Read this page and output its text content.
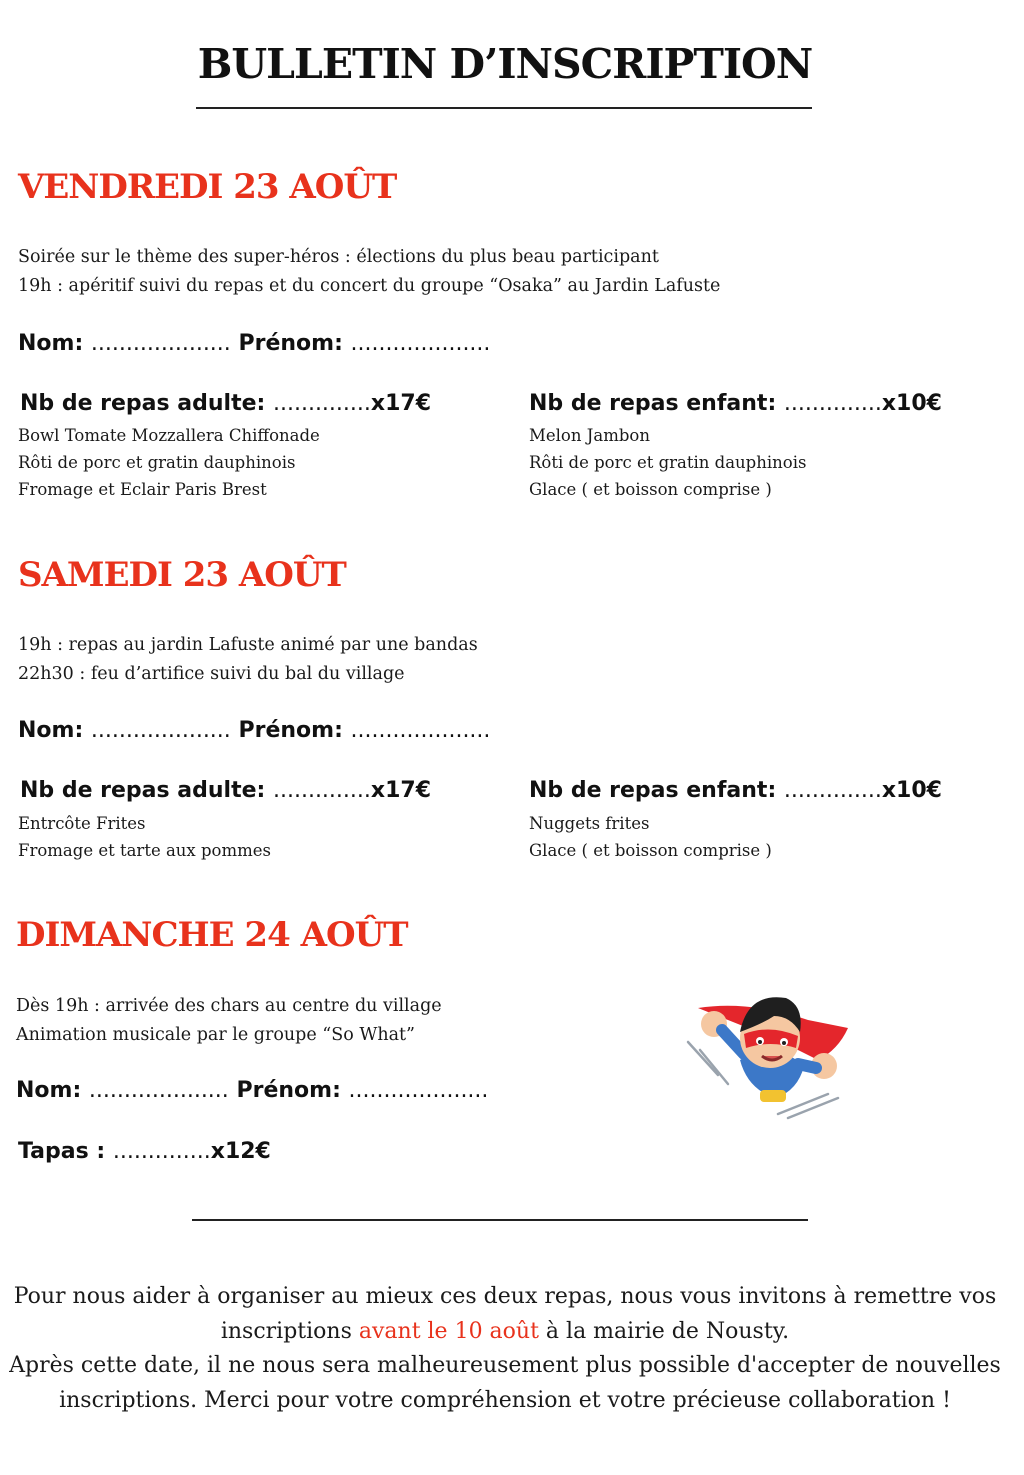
BULLETIN D’INSCRIPTION
VENDREDI 23 AOÛT
Soirée sur le thème des super-héros : élections du plus beau participant
19h : apéritif suivi du repas et du concert du groupe “Osaka” au Jardin Lafuste
Nom: .................... Prénom: ....................
Nb de repas adulte: ..............x17€
Bowl Tomate Mozzallera Chiffonade
Rôti de porc et gratin dauphinois
Fromage et Eclair Paris Brest
Nb de repas enfant: ..............x10€
Melon Jambon
Rôti de porc et gratin dauphinois
Glace ( et boisson comprise )
SAMEDI 23 AOÛT
19h : repas au jardin Lafuste animé par une bandas
22h30 : feu d’artifice suivi du bal du village
Nom: .................... Prénom: ....................
Nb de repas adulte: ..............x17€
Entrcôte Frites
Fromage et tarte aux pommes
Nb de repas enfant: ..............x10€
Nuggets frites
Glace ( et boisson comprise )
DIMANCHE 24 AOÛT
Dès 19h : arrivée des chars au centre du village
Animation musicale par le groupe “So What”
Nom: .................... Prénom: ....................
Tapas : ..............x12€
Pour nous aider à organiser au mieux ces deux repas, nous vous invitons à remettre vos
inscriptions avant le 10 août à la mairie de Nousty.
Après cette date, il ne nous sera malheureusement plus possible d'accepter de nouvelles
inscriptions. Merci pour votre compréhension et votre précieuse collaboration !
